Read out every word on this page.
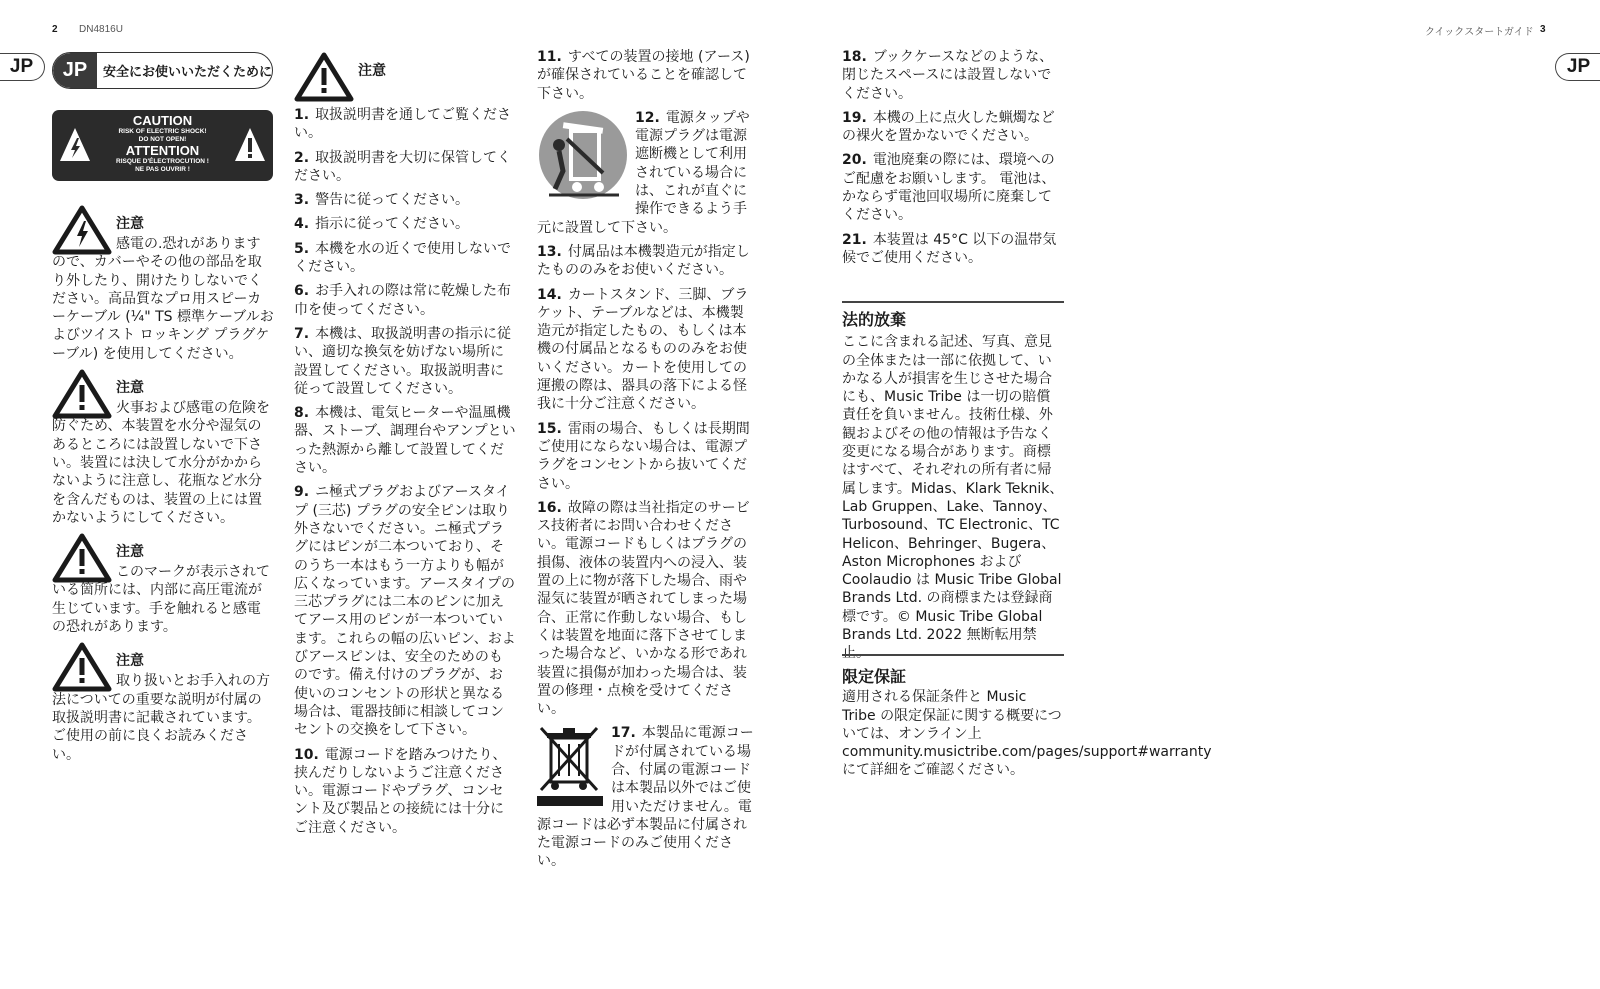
2 DN4816U	クイックスタートガイド 3
JP	JP
JP	安全にお使いいただくために
CAUTION
RISK OF ELECTRIC SHOCK!
DO NOT OPEN!
ATTENTION
RISQUE D'ÉLECTROCUTION !
NE PAS OUVRIR !
注意
感電の.恐れがありますので、カバーやその他の部品を取り外したり、開けたりしないでください。高品質なプロ用スピーカーケーブル (¼" TS 標準ケーブルおよびツイスト ロッキング プラグケーブル) を使用してください。
注意
火事および感電の危険を防ぐため、本装置を水分や湿気のあるところには設置しないで下さい。装置には決して水分がかからないように注意し、花瓶など水分を含んだものは、装置の上には置かないようにしてください。
注意
このマークが表示されている箇所には、内部に高圧電流が生じています。手を触れると感電の恐れがあります。
注意
取り扱いとお手入れの方法についての重要な説明が付属の取扱説明書に記載されています。ご使用の前に良くお読みください。
注意

1. 取扱説明書を通してご覧ください。

2. 取扱説明書を大切に保管してください。

3. 警告に従ってください。

4. 指示に従ってください。

5. 本機を水の近くで使用しないでください。

6. お手入れの際は常に乾燥した布巾を使ってください。

7. 本機は、取扱説明書の指示に従い、適切な換気を妨げない場所に設置してください。取扱説明書に従って設置してください。

8. 本機は、電気ヒーターや温風機器、ストーブ、調理台やアンプといった熱源から離して設置してください。

9. ニ極式プラグおよびアースタイプ (三芯) プラグの安全ピンは取り外さないでください。ニ極式プラグにはピンが二本ついており、そのうち一本はもう一方よりも幅が広くなっています。アースタイプの三芯プラグには二本のピンに加えてアース用のピンが一本ついています。これらの幅の広いピン、およびアースピンは、安全のためのものです。備え付けのプラグが、お使いのコンセントの形状と異なる場合は、電器技師に相談してコンセントの交換をして下さい。

10. 電源コードを踏みつけたり、挟んだりしないようご注意ください。電源コードやプラグ、コンセント及び製品との接続には十分にご注意ください。

11. すべての装置の接地 (アース) が確保されていることを確認して下さい。

12. 電源タップや電源プラグは電源遮断機として利用されている場合には、これが直ぐに操作できるよう手元に設置して下さい。

13. 付属品は本機製造元が指定したもののみをお使いください。

14. カートスタンド、三脚、ブラケット、テーブルなどは、本機製造元が指定したもの、もしくは本機の付属品となるもののみをお使いください。カートを使用しての運搬の際は、器具の落下による怪我に十分ご注意ください。

15. 雷雨の場合、もしくは長期間ご使用にならない場合は、電源プラグをコンセントから抜いてください。

16. 故障の際は当社指定のサービス技術者にお問い合わせください。電源コードもしくはプラグの損傷、液体の装置内への浸入、装置の上に物が落下した場合、雨や湿気に装置が晒されてしまった場合、正常に作動しない場合、もしくは装置を地面に落下させてしまった場合など、いかなる形であれ装置に損傷が加わった場合は、装置の修理・点検を受けてください。

17. 本製品に電源コードが付属されている場合、付属の電源コードは本製品以外ではご使用いただけません。電源コードは必ず本製品に付属された電源コードのみご使用ください。

18. ブックケースなどのような、閉じたスペースには設置しないでください。

19. 本機の上に点火した蝋燭などの裸火を置かないでください。

20. 電池廃棄の際には、環境へのご配慮をお願いします。 電池は、かならず電池回収場所に廃棄してください。

21. 本装置は 45°C 以下の温帯気候でご使用ください。

法的放棄
ここに含まれる記述、写真、意見の全体または一部に依拠して、いかなる人が損害を生じさせた場合にも、Music Tribe は一切の賠償責任を負いません。技術仕様、外観およびその他の情報は予告なく変更になる場合があります。商標はすべて、それぞれの所有者に帰属します。Midas、Klark Teknik、Lab Gruppen、Lake、Tannoy、Turbosound、TC Electronic、TC Helicon、Behringer、Bugera、Aston Microphones および Coolaudio は Music Tribe Global Brands Ltd. の商標または登録商標です。© Music Tribe Global Brands Ltd. 2022 無断転用禁
限定保証
適用される保証条件と Music Tribe の限定保証に関する概要については、オンライン上 community.musictribe.com/pages/support#warranty にて詳細をご確認ください。
